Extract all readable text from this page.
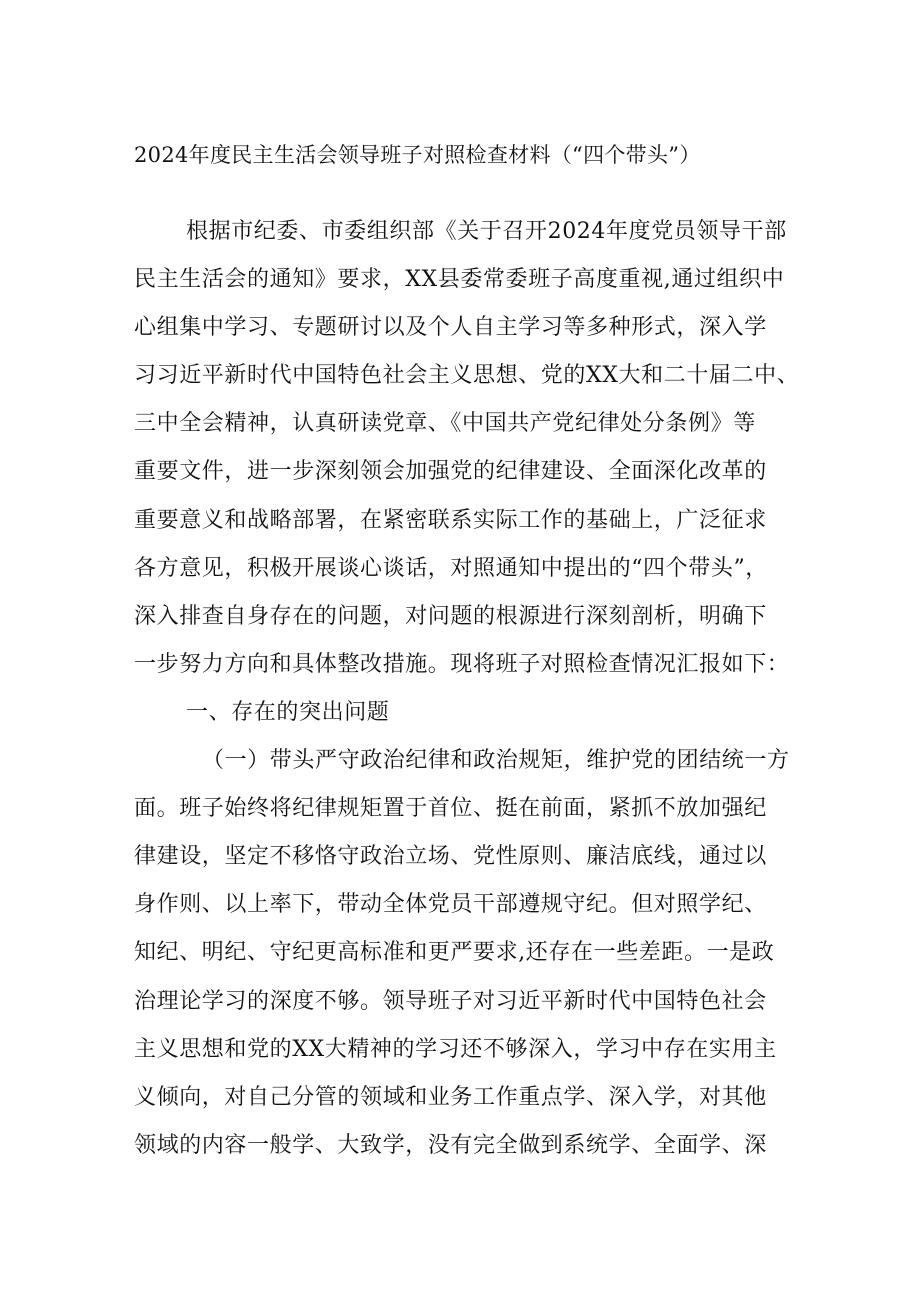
2024年度民主生活会领导班子对照检查材料（“四个带头”）
根据市纪委、市委组织部《关于召开2024年度党员领导干部
民主生活会的通知》要求，XX县委常委班子高度重视,通过组织中
心组集中学习、专题研讨以及个人自主学习等多种形式，深入学
习习近平新时代中国特色社会主义思想、党的XX大和二十届二中、
三中全会精神，认真研读党章、《中国共产党纪律处分条例》等
重要文件，进一步深刻领会加强党的纪律建设、全面深化改革的
重要意义和战略部署，在紧密联系实际工作的基础上，广泛征求
各方意见，积极开展谈心谈话，对照通知中提出的“四个带头”，
深入排查自身存在的问题，对问题的根源进行深刻剖析，明确下
一步努力方向和具体整改措施。现将班子对照检查情况汇报如下：
一、存在的突出问题
（一）带头严守政治纪律和政治规矩，维护党的团结统一方
面。班子始终将纪律规矩置于首位、挺在前面，紧抓不放加强纪
律建设，坚定不移恪守政治立场、党性原则、廉洁底线，通过以
身作则、以上率下，带动全体党员干部遵规守纪。但对照学纪、
知纪、明纪、守纪更高标准和更严要求,还存在一些差距。一是政
治理论学习的深度不够。领导班子对习近平新时代中国特色社会
主义思想和党的XX大精神的学习还不够深入，学习中存在实用主
义倾向，对自己分管的领域和业务工作重点学、深入学，对其他
领域的内容一般学、大致学，没有完全做到系统学、全面学、深
